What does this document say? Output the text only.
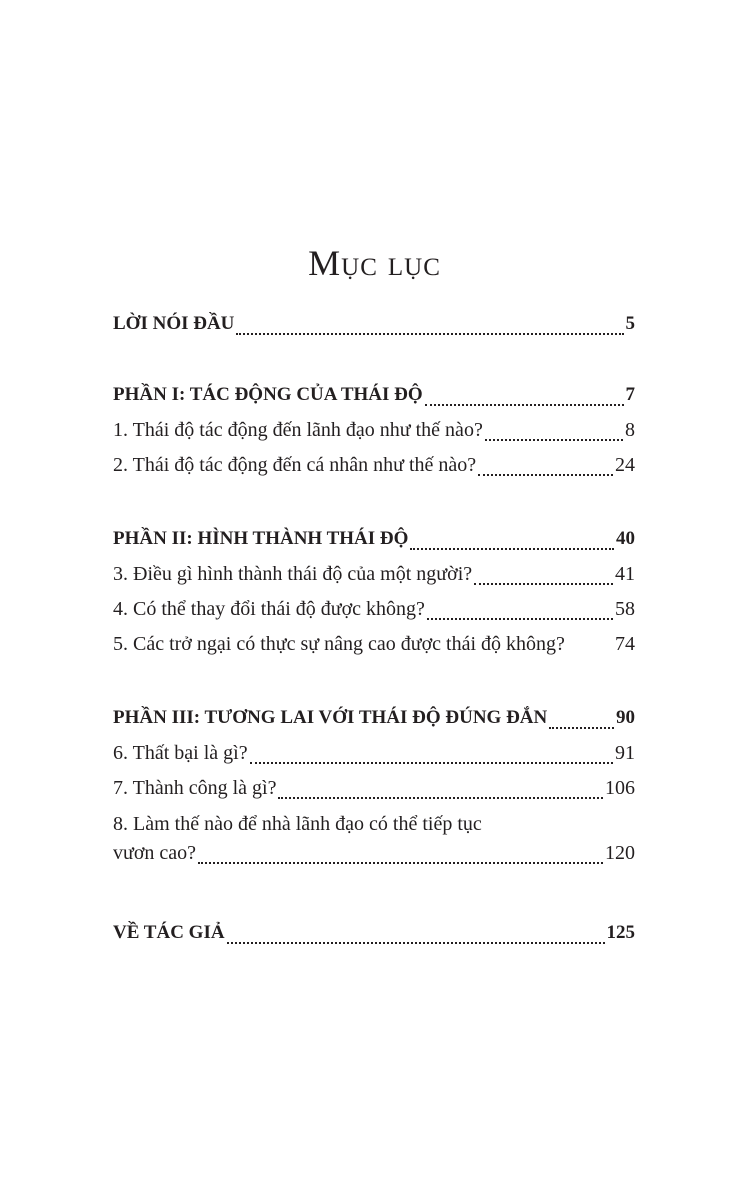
Mục lục
LỜI NÓI ĐẦU	5
PHẦN I: TÁC ĐỘNG CỦA THÁI ĐỘ	7
1. Thái độ tác động đến lãnh đạo như thế nào?	8
2. Thái độ tác động đến cá nhân như thế nào?	24
PHẦN II: HÌNH THÀNH THÁI ĐỘ	40
3. Điều gì hình thành thái độ của một người?	41
4. Có thể thay đổi thái độ được không?	58
5. Các trở ngại có thực sự nâng cao được thái độ không?	74
PHẦN III: TƯƠNG LAI VỚI THÁI ĐỘ ĐÚNG ĐẮN	90
6. Thất bại là gì?	91
7. Thành công là gì?	106
8. Làm thế nào để nhà lãnh đạo có thể tiếp tục
vươn cao?	120
VỀ TÁC GIẢ	125
